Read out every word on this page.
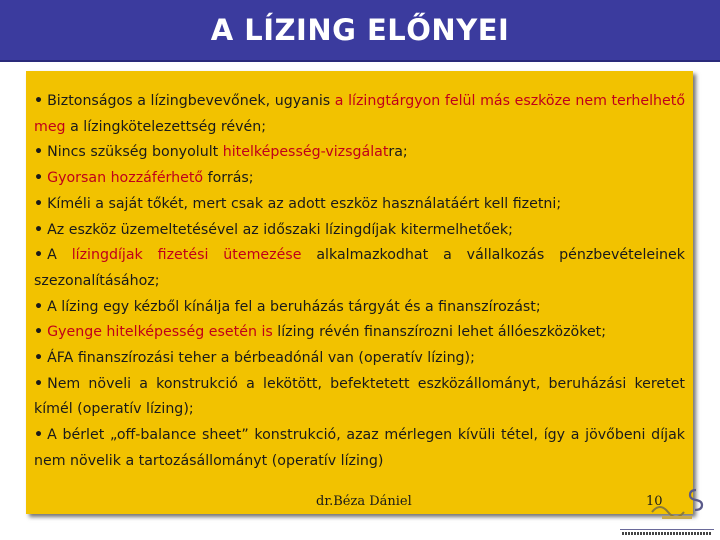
A LÍZING ELŐNYEI

• Biztonságos a lízingbevevőnek, ugyanis a lízingtárgyon felül más eszköze nem terhelhető meg a lízingkötelezettség révén;

• Nincs szükség bonyolult hitelképesség-vizsgálatra;

• Gyorsan hozzáférhető forrás;

• Kíméli a saját tőkét, mert csak az adott eszköz használatáért kell fizetni;

• Az eszköz üzemeltetésével az időszaki lízingdíjak kitermelhetőek;

• A lízingdíjak fizetési ütemezése alkalmazkodhat a vállalkozás pénzbevételeinek szezonalításához;

• A lízing egy kézből kínálja fel a beruházás tárgyát és a finanszírozást;

• Gyenge hitelképesség esetén is lízing révén finanszírozni lehet állóeszközöket;

• ÁFA finanszírozási teher a bérbeadónál van (operatív lízing);

• Nem növeli a konstrukció a lekötött, befektetett eszközállományt, beruházási keretet kímél (operatív lízing);

• A bérlet „off-balance sheet” konstrukció, azaz mérlegen kívüli tétel, így a jövőbeni díjak nem növelik a tartozásállományt (operatív lízing)

dr.Béza Dániel	10
